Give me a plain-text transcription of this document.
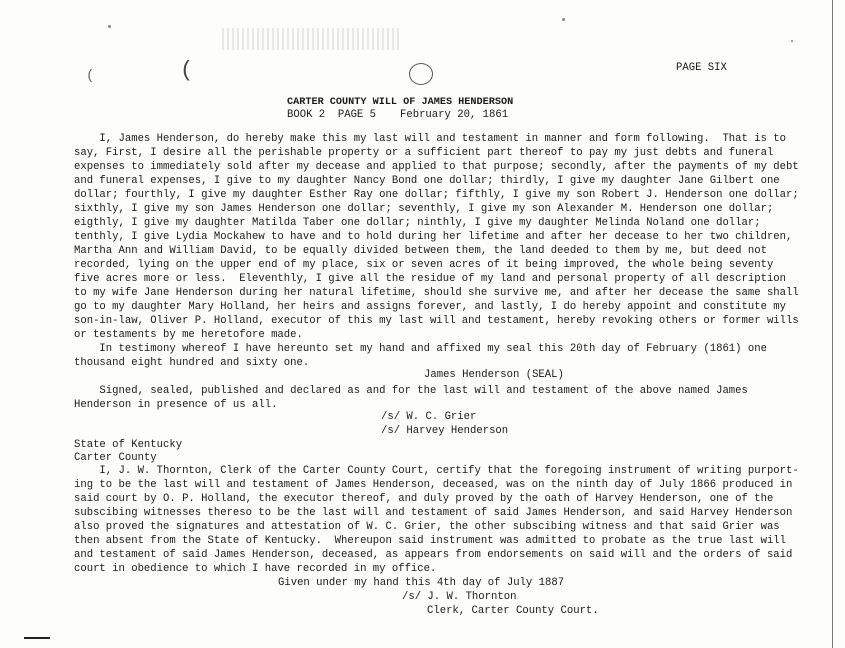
(	(	PAGE SIX
CARTER COUNTY WILL OF JAMES HENDERSON
BOOK 2  PAGE 5 February 20, 1861
I, James Henderson, do hereby make this my last will and testament in manner and form following.  That is to
say, First, I desire all the perishable property or a sufficient part thereof to pay my just debts and funeral
expenses to immediately sold after my decease and applied to that purpose; secondly, after the payments of my debt
and funeral expenses, I give to my daughter Nancy Bond one dollar; thirdly, I give my daughter Jane Gilbert one
dollar; fourthly, I give my daughter Esther Ray one dollar; fifthly, I give my son Robert J. Henderson one dollar;
sixthly, I give my son James Henderson one dollar; seventhly, I give my son Alexander M. Henderson one dollar;
eigthly, I give my daughter Matilda Taber one dollar; ninthly, I give my daughter Melinda Noland one dollar;
tenthly, I give Lydia Mockahew to have and to hold during her lifetime and after her decease to her two children,
Martha Ann and William David, to be equally divided between them, the land deeded to them by me, but deed not
recorded, lying on the upper end of my place, six or seven acres of it being improved, the whole being seventy
five acres more or less.  Eleventhly, I give all the residue of my land and personal property of all description
to my wife Jane Henderson during her natural lifetime, should she survive me, and after her decease the same shall
go to my daughter Mary Holland, her heirs and assigns forever, and lastly, I do hereby appoint and constitute my
son-in-law, Oliver P. Holland, executor of this my last will and testament, hereby revoking others or former wills
or testaments by me heretofore made.
In testimony whereof I have hereunto set my hand and affixed my seal this 20th day of February (1861) one
thousand eight hundred and sixty one.
James Henderson (SEAL)
Signed, sealed, published and declared as and for the last will and testament of the above named James
Henderson in presence of us all.
/s/ W. C. Grier
/s/ Harvey Henderson
State of Kentucky
Carter County
I, J. W. Thornton, Clerk of the Carter County Court, certify that the foregoing instrument of writing purport-
ing to be the last will and testament of James Henderson, deceased, was on the ninth day of July 1866 produced in
said court by O. P. Holland, the executor thereof, and duly proved by the oath of Harvey Henderson, one of the
subscibing witnesses thereso to be the last will and testament of said James Henderson, and said Harvey Henderson
also proved the signatures and attestation of W. C. Grier, the other subscibing witness and that said Grier was
then absent from the State of Kentucky.  Whereupon said instrument was admitted to probate as the true last will
and testament of said James Henderson, deceased, as appears from endorsements on said will and the orders of said
court in obedience to which I have recorded in my office.
Given under my hand this 4th day of July 1887
/s/ J. W. Thornton
Clerk, Carter County Court.
